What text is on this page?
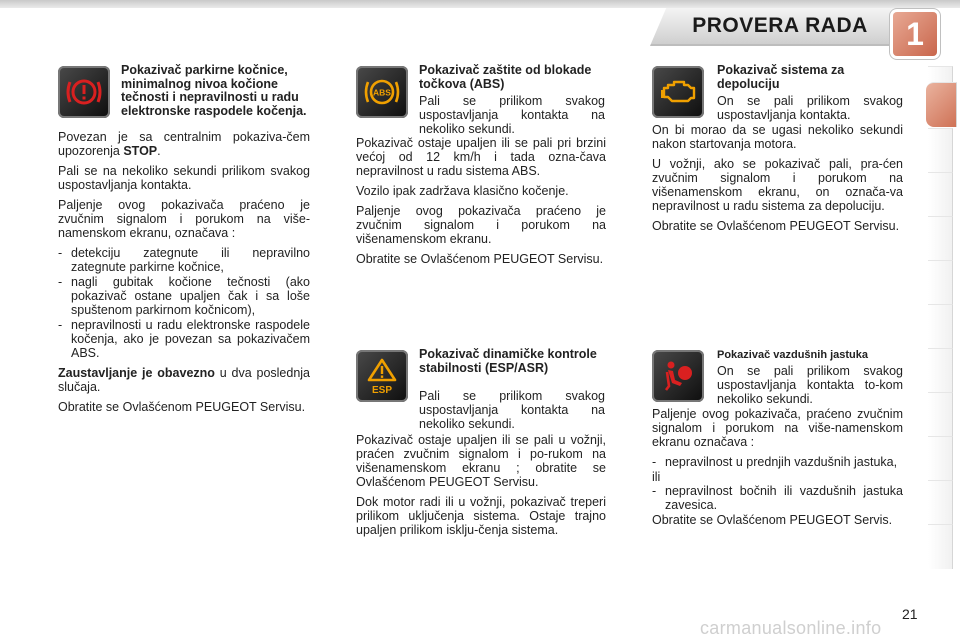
PROVERA RADA	1
Pokazivač parkirne kočnice, minimalnog nivoa kočione tečnosti i nepravilnosti u radu elektronske raspodele kočenja.

Povezan je sa centralnim pokaziva-čem upozorenja STOP.

Pali se na nekoliko sekundi prilikom svakog uspostavljanja kontakta.

Paljenje ovog pokazivača praćeno je zvučnim signalom i porukom na više-namenskom ekranu, označava :

- detekciju zategnute ili nepravilno zategnute parkirne kočnice,
- nagli gubitak kočione tečnosti (ako pokazivač ostane upaljen čak i sa loše spuštenom parkirnom kočnicom),
- nepravilnosti u radu elektronske raspodele kočenja, ako je povezan sa pokazivačem ABS.

Zaustavljanje je obavezno u dva poslednja slučaja.

Obratite se Ovlašćenom PEUGEOT Servisu.

ABS
Pokazivač zaštite od blokade točkova (ABS)
Pali se prilikom svakog uspostavljanja kontakta na nekoliko sekundi.

Pokazivač ostaje upaljen ili se pali pri brzini većoj od 12 km/h i tada ozna-čava nepravilnost u radu sistema ABS.

Vozilo ipak zadržava klasično kočenje.

Paljenje ovog pokazivača praćeno je zvučnim signalom i porukom na višenamenskom ekranu.

Obratite se Ovlašćenom PEUGEOT Servisu.

Pokazivač sistema za depoluciju
On se pali prilikom svakog uspostavljanja kontakta.

On bi morao da se ugasi nekoliko sekundi nakon startovanja motora.

U vožnji, ako se pokazivač pali, pra-ćen zvučnim signalom i porukom na višenamenskom ekranu, on označa-va nepravilnost u radu sistema za depoluciju.

Obratite se Ovlašćenom PEUGEOT Servisu.

ESP
Pokazivač dinamičke kontrole stabilnosti (ESP/ASR)
Pali se prilikom svakog uspostavljanja kontakta na nekoliko sekundi.

Pokazivač ostaje upaljen ili se pali u vožnji, praćen zvučnim signalom i po-rukom na višenamenskom ekranu ; obratite se Ovlašćenom PEUGEOT Servisu.

Dok motor radi ili u vožnji, pokazivač treperi prilikom uključenja sistema. Ostaje trajno upaljen prilikom isklju-čenja sistema.

Pokazivač vazdušnih jastuka
On se pali prilikom svakog uspostavljanja kontakta to-kom nekoliko sekundi.

Paljenje ovog pokazivača, praćeno zvučnim signalom i porukom na više-namenskom ekranu označava :

- nepravilnost u prednjih vazdušnih jastuka,
ili
- nepravilnost bočnih ili vazdušnih jastuka zavesica.

Obratite se Ovlašćenom PEUGEOT Servis.

21
carmanualsonline.info
